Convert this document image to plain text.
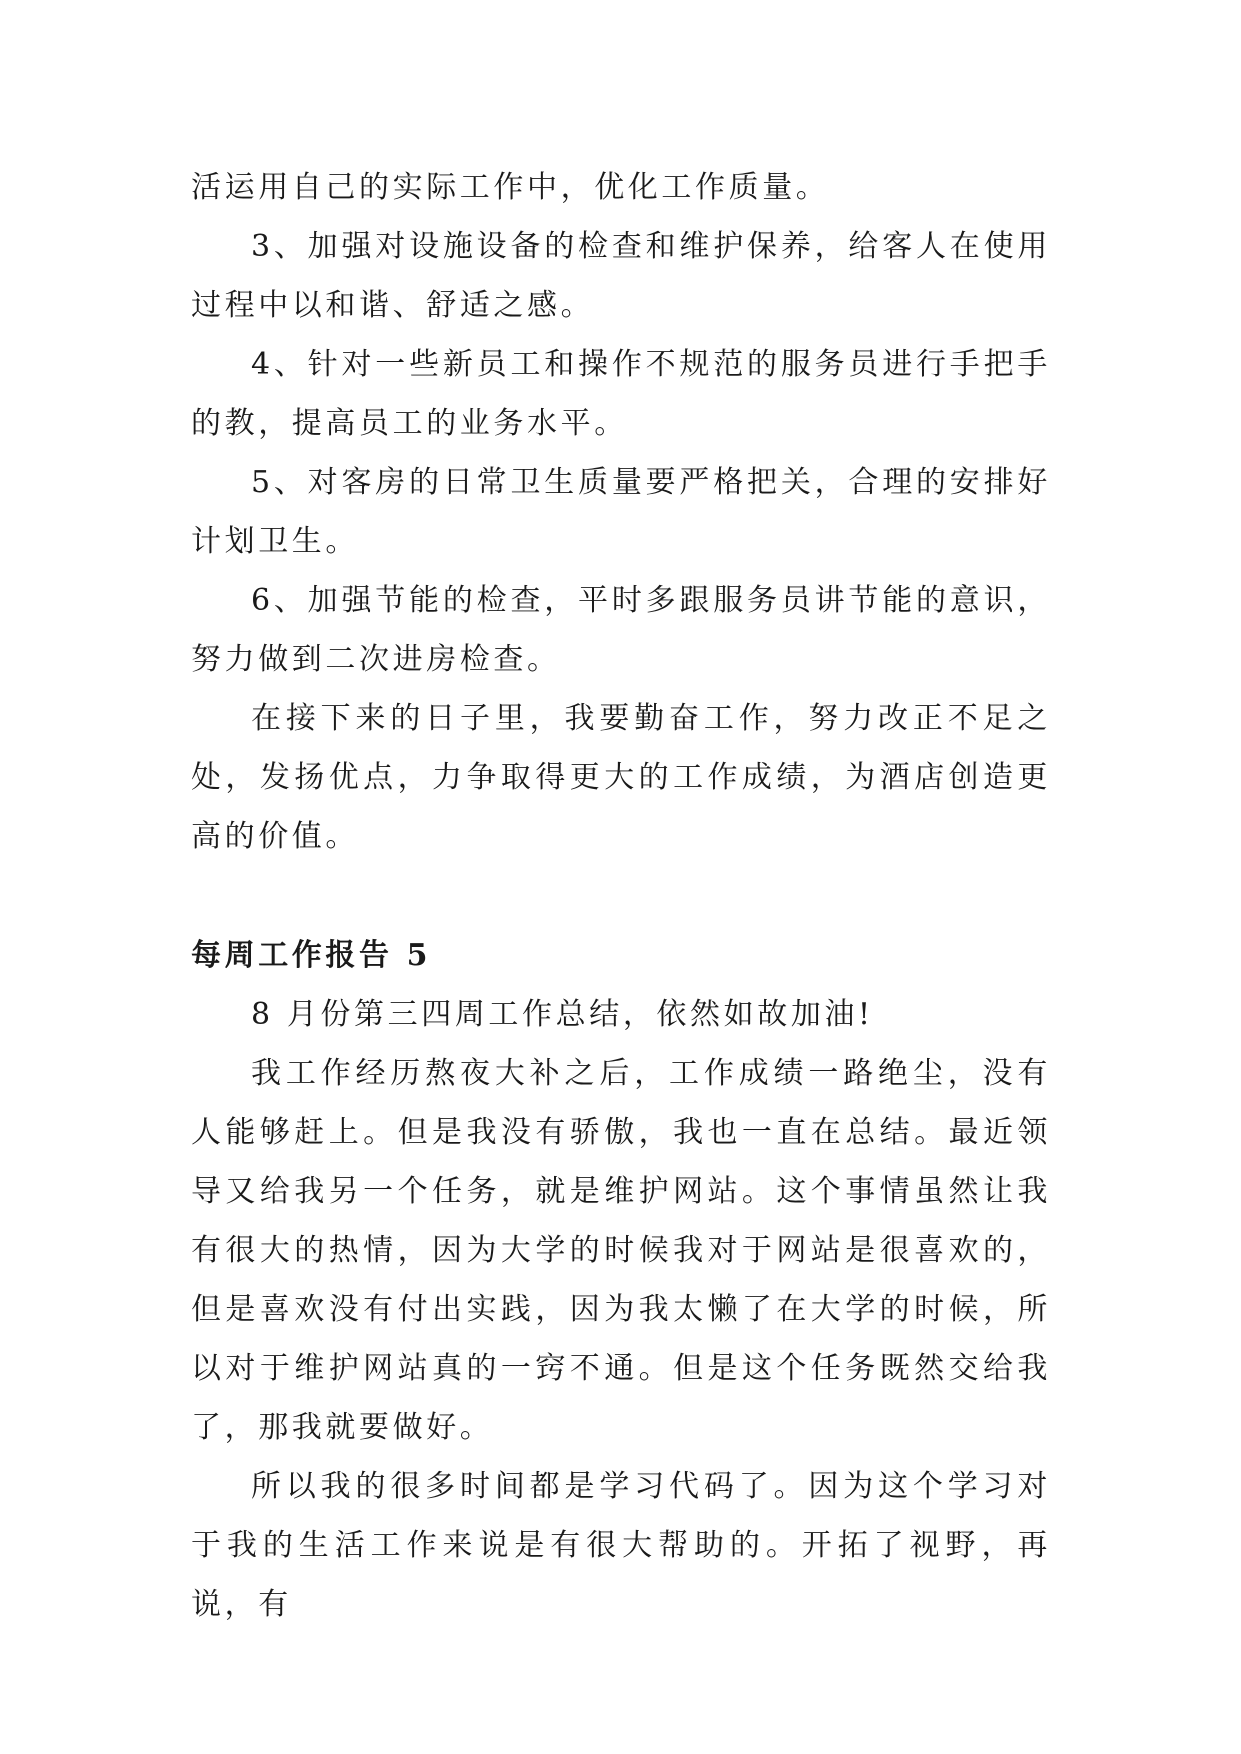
活运用自己的实际工作中，优化工作质量。

3、加强对设施设备的检查和维护保养，给客人在使用过程中以和谐、舒适之感。

4、针对一些新员工和操作不规范的服务员进行手把手的教，提高员工的业务水平。

5、对客房的日常卫生质量要严格把关，合理的安排好计划卫生。

6、加强节能的检查，平时多跟服务员讲节能的意识，努力做到二次进房检查。

在接下来的日子里，我要勤奋工作，努力改正不足之处，发扬优点，力争取得更大的工作成绩，为酒店创造更高的价值。

每周工作报告 5

8 月份第三四周工作总结，依然如故加油!

我工作经历熬夜大补之后，工作成绩一路绝尘，没有人能够赶上。但是我没有骄傲，我也一直在总结。最近领导又给我另一个任务，就是维护网站。这个事情虽然让我有很大的热情，因为大学的时候我对于网站是很喜欢的，但是喜欢没有付出实践，因为我太懒了在大学的时候，所以对于维护网站真的一窍不通。但是这个任务既然交给我了，那我就要做好。

所以我的很多时间都是学习代码了。因为这个学习对于我的生活工作来说是有很大帮助的。开拓了视野，再说，有
